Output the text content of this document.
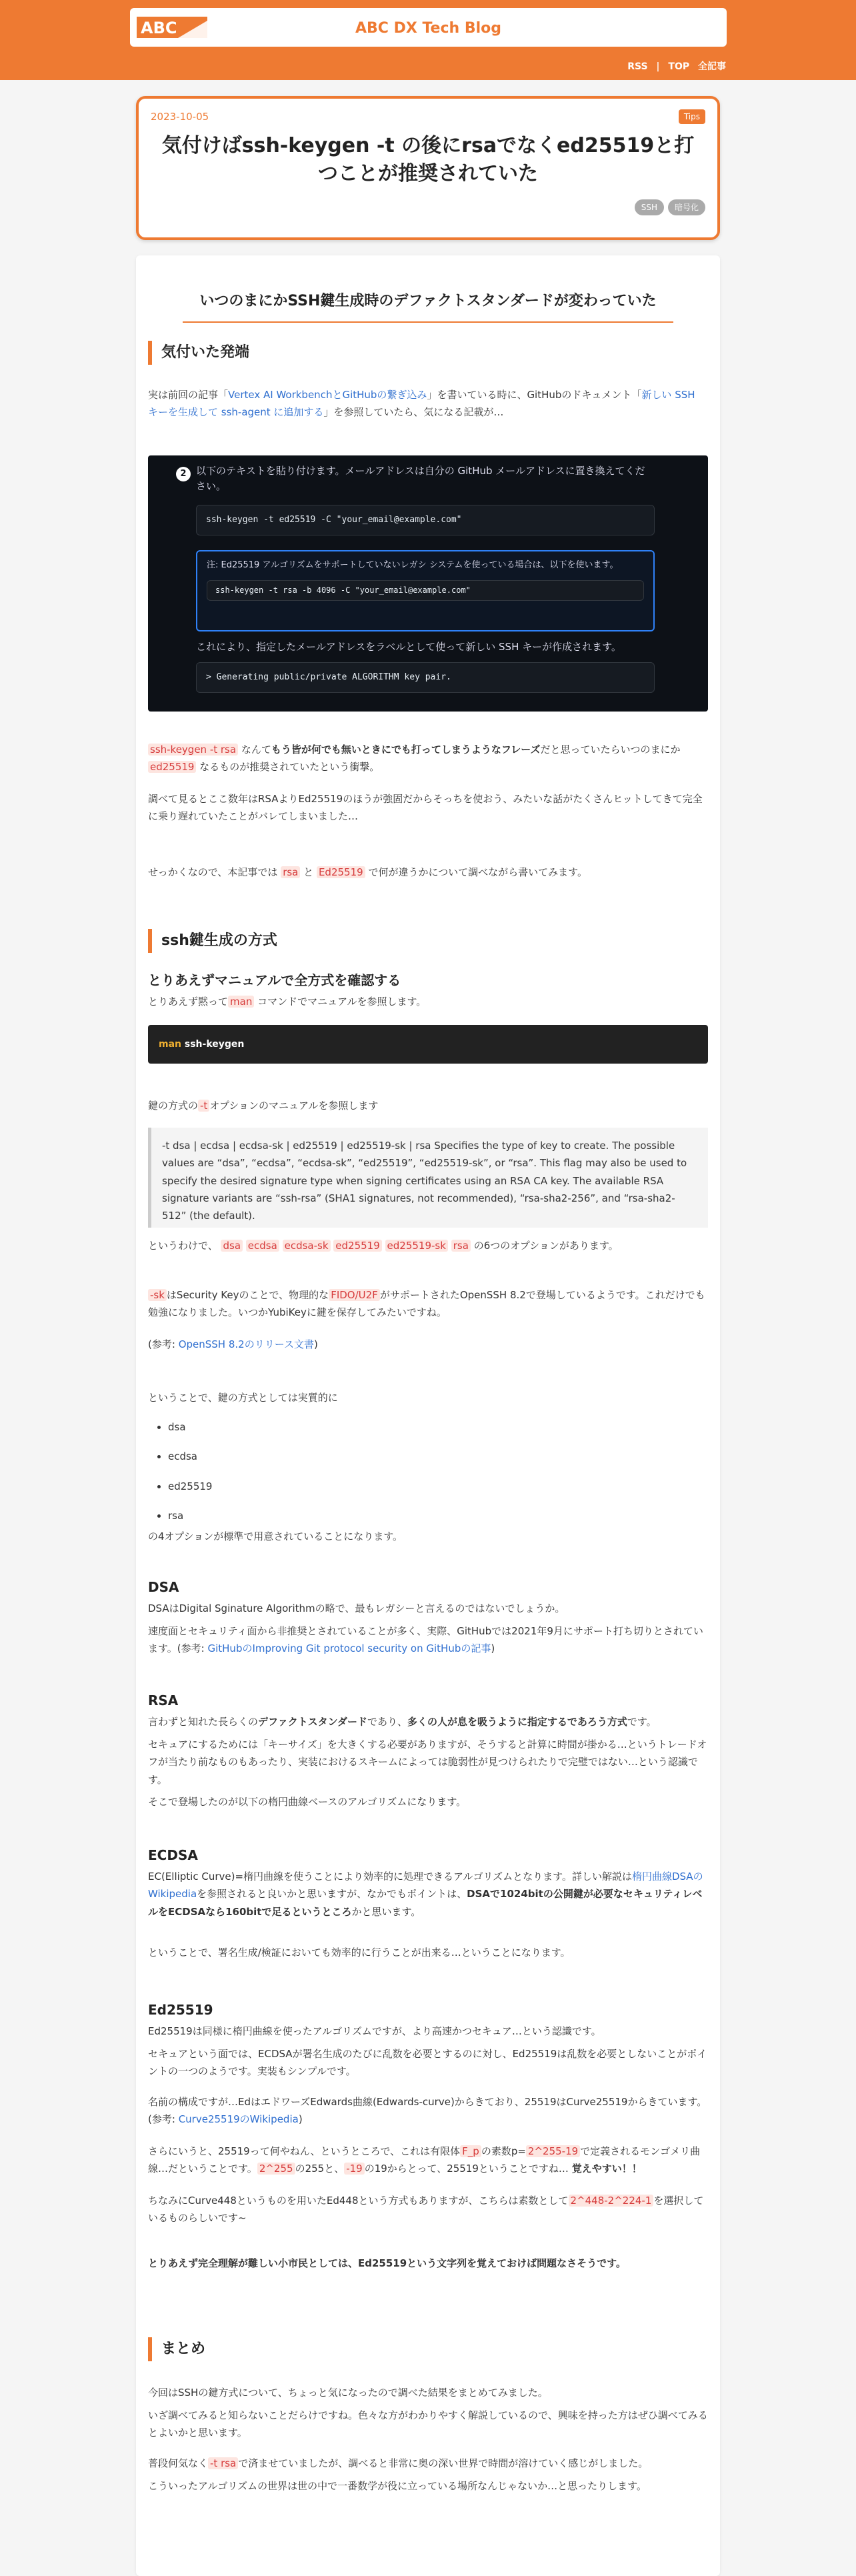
ABC	ABC DX Tech Blog
RSS | TOP 全記事
2023-10-05	Tips
気付けばssh-keygen -t の後にrsaでなくed25519と打つことが推奨されていた
SSH 暗号化
いつのまにかSSH鍵生成時のデファクトスタンダードが変わっていた
気付いた発端
実は前回の記事「Vertex AI WorkbenchとGitHubの繋ぎ込み」を書いている時に、GitHubのドキュメント「新しい SSH キーを生成して ssh-agent に追加する」を参照していたら、気になる記載が…
2 以下のテキストを貼り付けます。メールアドレスは自分の GitHub メールアドレスに置き換えてください。
ssh-keygen -t ed25519 -C "your_email@example.com"
注: Ed25519 アルゴリズムをサポートしていないレガシ システムを使っている場合は、以下を使います。
ssh-keygen -t rsa -b 4096 -C "your_email@example.com"
これにより、指定したメールアドレスをラベルとして使って新しい SSH キーが作成されます。
> Generating public/private ALGORITHM key pair.
ssh-keygen -t rsa なんてもう皆が何でも無いときにでも打ってしまうようなフレーズだと思っていたらいつのまにかed25519 なるものが推奨されていたという衝撃。
調べて見るとここ数年はRSAよりEd25519のほうが強固だからそっちを使おう、みたいな話がたくさんヒットしてきて完全に乗り遅れていたことがバレてしまいました…
せっかくなので、本記事では rsa と Ed25519 で何が違うかについて調べながら書いてみます。
ssh鍵生成の方式
とりあえずマニュアルで全方式を確認する
とりあえず黙って man コマンドでマニュアルを参照します。
man ssh-keygen
鍵の方式の -t オプションのマニュアルを参照します
-t dsa | ecdsa | ecdsa-sk | ed25519 | ed25519-sk | rsa Specifies the type of key to create. The possible values are “dsa”, “ecdsa”, “ecdsa-sk”, “ed25519”, “ed25519-sk”, or “rsa”. This flag may also be used to specify the desired signature type when signing certificates using an RSA CA key. The available RSA signature variants are “ssh-rsa” (SHA1 signatures, not recommended), “rsa-sha2-256”, and “rsa-sha2-512” (the default).
というわけで、 dsa ecdsa ecdsa-sk ed25519 ed25519-sk rsa の6つのオプションがあります。
-sk はSecurity Keyのことで、物理的な FIDO/U2F がサポートされたOpenSSH 8.2で登場しているようです。これだけでも勉強になりました。いつかYubiKeyに鍵を保存してみたいですね。
(参考: OpenSSH 8.2のリリース文書)
ということで、鍵の方式としては実質的に
• dsa
• ecdsa
• ed25519
• rsa
の4オプションが標準で用意されていることになります。
DSA
DSAはDigital Sginature Algorithmの略で、最もレガシーと言えるのではないでしょうか。
速度面とセキュリティ面から非推奨とされていることが多く、実際、GitHubでは2021年9月にサポート打ち切りとされています。(参考: GitHubのImproving Git protocol security on GitHubの記事)
RSA
言わずと知れた長らくのデファクトスタンダードであり、多くの人が息を吸うように指定するであろう方式です。
セキュアにするためには「キーサイズ」を大きくする必要がありますが、そうすると計算に時間が掛かる…というトレードオフが当たり前なものもあったり、実装におけるスキームによっては脆弱性が見つけられたりで完璧ではない…という認識です。
そこで登場したのが以下の楕円曲線ベースのアルゴリズムになります。
ECDSA
EC(Elliptic Curve)=楕円曲線を使うことにより効率的に処理できるアルゴリズムとなります。詳しい解説は楕円曲線DSAのWikipediaを参照されると良いかと思いますが、なかでもポイントは、DSAで1024bitの公開鍵が必要なセキュリティレベルをECDSAなら160bitで足るというところかと思います。
ということで、署名生成/検証においても効率的に行うことが出来る…ということになります。
Ed25519
Ed25519は同様に楕円曲線を使ったアルゴリズムですが、より高速かつセキュア…という認識です。
セキュアという面では、ECDSAが署名生成のたびに乱数を必要とするのに対し、Ed25519は乱数を必要としないことがポイントの一つのようです。実装もシンプルです。
名前の構成ですが…EdはエドワーズEdwards曲線(Edwards-curve)からきており、25519はCurve25519からきています。(参考: Curve25519のWikipedia)
さらにいうと、25519って何やねん、というところで、これは有限体 F_p の素数p= 2^255-19 で定義されるモンゴメリ曲線…だということです。 2^255 の255と、 -19 の19からとって、25519ということですね… 覚えやすい！！
ちなみにCurve448というものを用いたEd448という方式もありますが、こちらは素数として 2^448-2^224-1 を選択しているものらしいです~
とりあえず完全理解が難しい小市民としては、Ed25519という文字列を覚えておけば問題なさそうです。
まとめ
今回はSSHの鍵方式について、ちょっと気になったので調べた結果をまとめてみました。
いざ調べてみると知らないことだらけですね。色々な方がわかりやすく解説しているので、興味を持った方はぜひ調べてみるとよいかと思います。
普段何気なく -t rsa で済ませていましたが、調べると非常に奥の深い世界で時間が溶けていく感じがしました。
こういったアルゴリズムの世界は世の中で一番数学が役に立っている場所なんじゃないか…と思ったりします。
